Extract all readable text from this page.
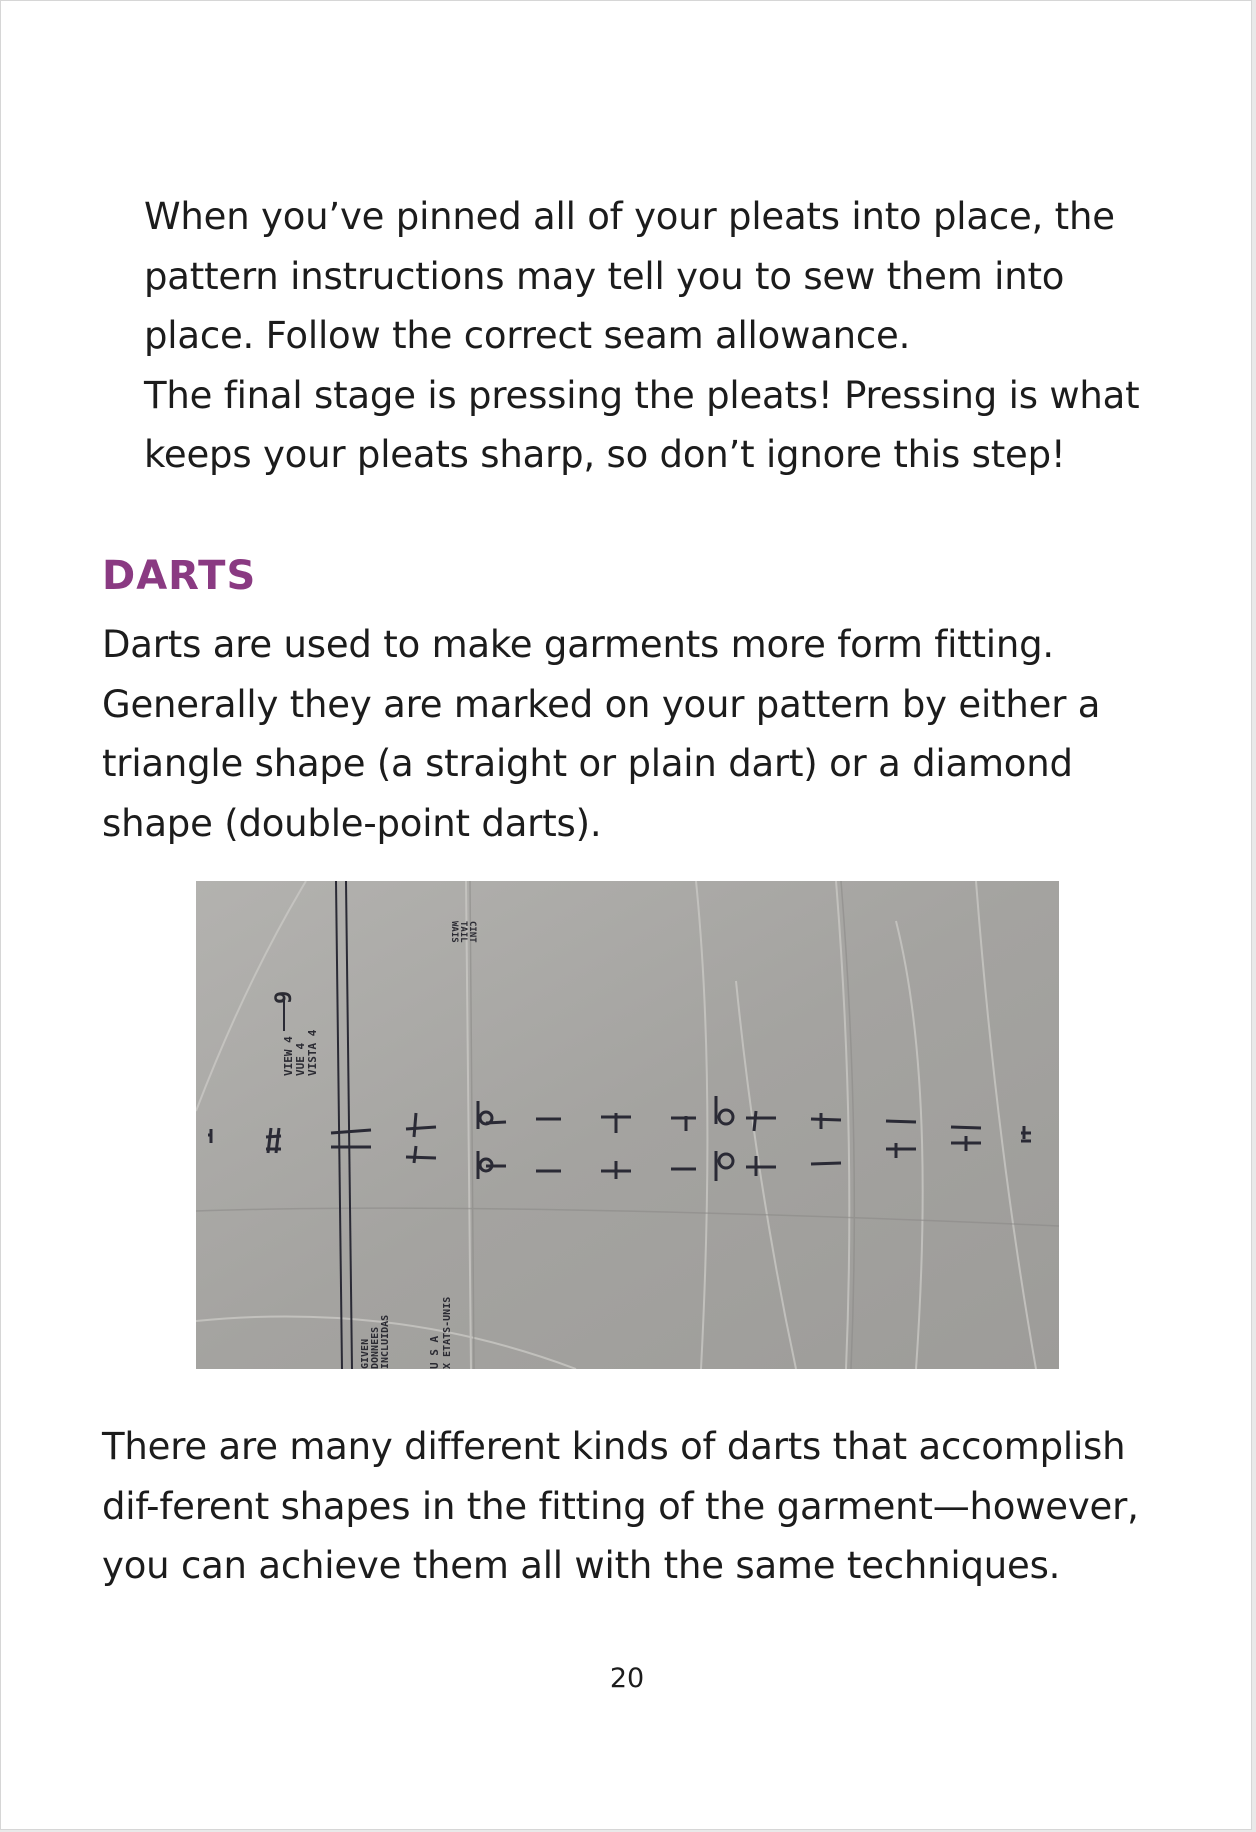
When you’ve pinned all of your pleats into place, the pattern instructions may tell you to sew them into place. Follow the correct seam allowance.

The final stage is pressing the pleats! Pressing is what keeps your pleats sharp, so don’t ignore this step!

DARTS

Darts are used to make garments more form fitting. Generally they are marked on your pattern by either a triangle shape (a straight or plain dart) or a diamond shape (double-point darts).

VIEW 4 VUE 4 VISTA 4
9
WAIS TAIL CINT
GIVEN DONNEES INCLUIDAS	U S A X ETATS-UNIS

There are many different kinds of darts that accomplish dif-ferent shapes in the fitting of the garment—however, you can achieve them all with the same techniques.

20
